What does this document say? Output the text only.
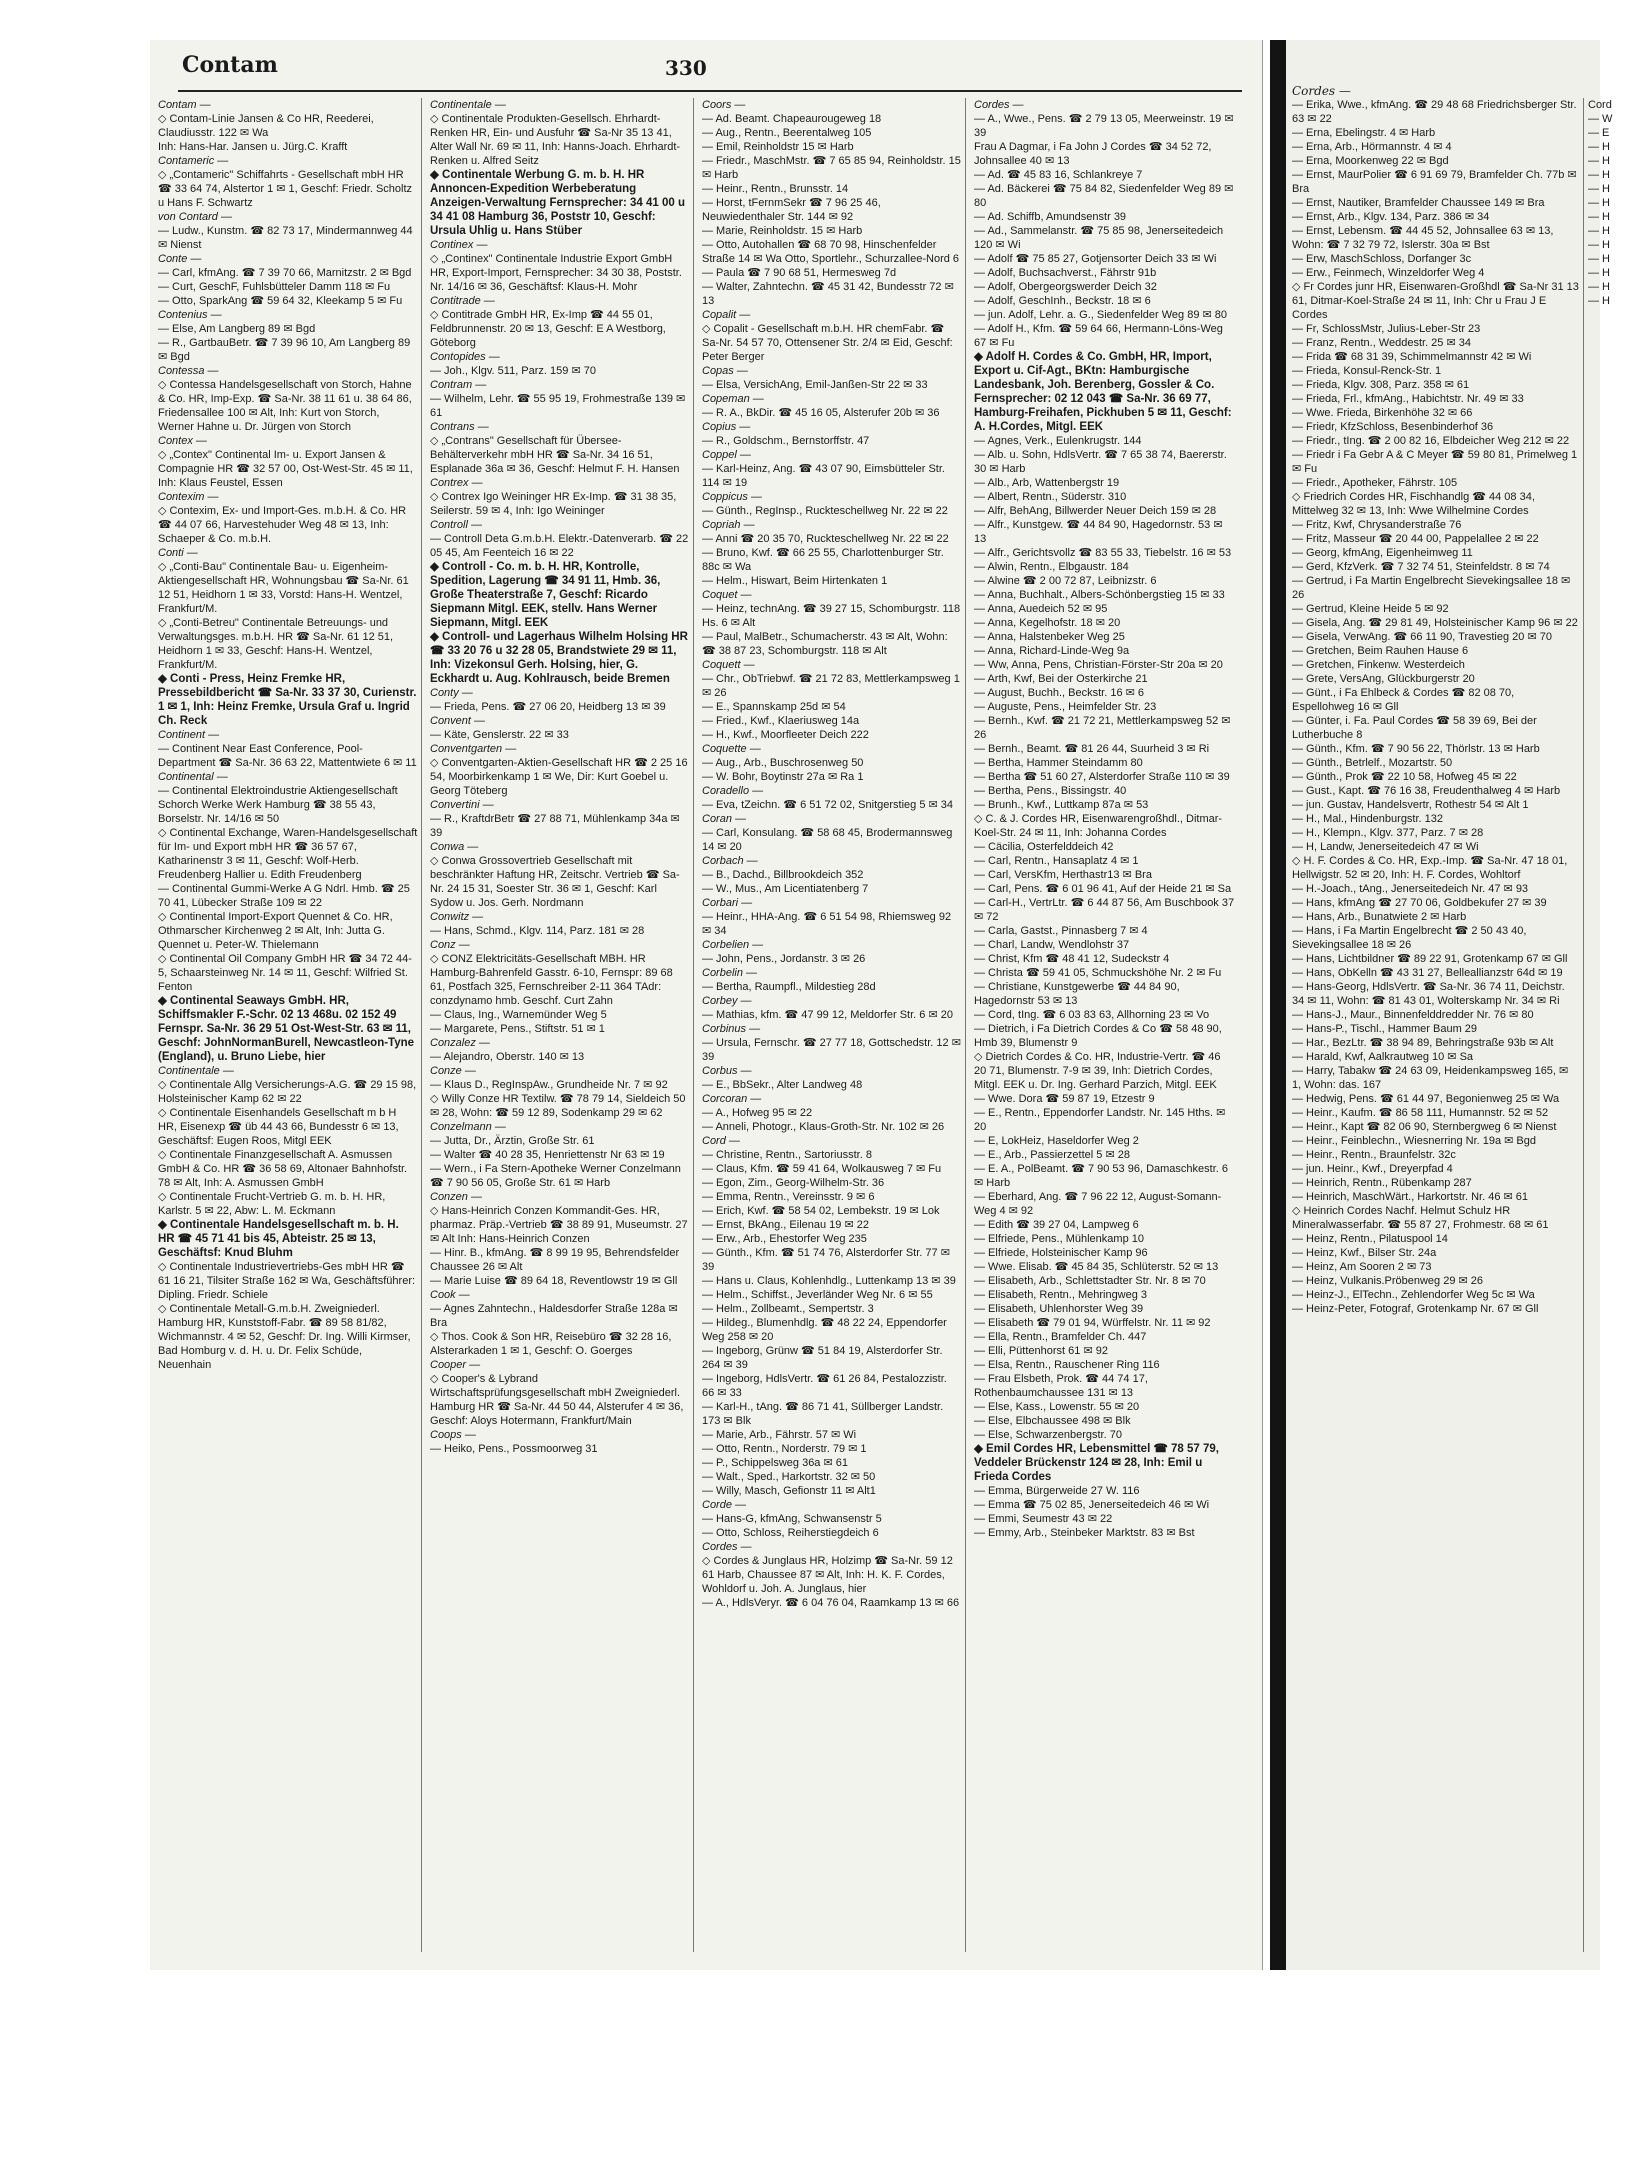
Contam	330

Contam —

◇ Contam-Linie Jansen & Co HR, Reederei, Claudiusstr. 122 ✉ Wa

Inh: Hans-Har. Jansen u. Jürg.C. Krafft

Contameric —

◇ „Contameric" Schiffahrts - Gesellschaft mbH HR ☎ 33 64 74, Alstertor 1 ✉ 1, Geschf: Friedr. Scholtz u Hans F. Schwartz

von Contard —

— Ludw., Kunstm. ☎ 82 73 17, Mindermannweg 44 ✉ Nienst

Conte —

— Carl, kfmAng. ☎ 7 39 70 66, Marnitzstr. 2 ✉ Bgd

— Curt, GeschF, Fuhlsbütteler Damm 118 ✉ Fu

— Otto, SparkAng ☎ 59 64 32, Kleekamp 5 ✉ Fu

Contenius —

— Else, Am Langberg 89 ✉ Bgd

— R., GartbauBetr. ☎ 7 39 96 10, Am Langberg 89 ✉ Bgd

Contessa —

◇ Contessa Handelsgesellschaft von Storch, Hahne & Co. HR, Imp-Exp. ☎ Sa-Nr. 38 11 61 u. 38 64 86, Friedensallee 100 ✉ Alt, Inh: Kurt von Storch, Werner Hahne u. Dr. Jürgen von Storch

Contex —

◇ „Contex" Continental Im- u. Export Jansen & Compagnie HR ☎ 32 57 00, Ost-West-Str. 45 ✉ 11, Inh: Klaus Feustel, Essen

Contexim —

◇ Contexim, Ex- und Import-Ges. m.b.H. & Co. HR ☎ 44 07 66, Harvestehuder Weg 48 ✉ 13, Inh: Schaeper & Co. m.b.H.

Conti —

◇ „Conti-Bau" Continentale Bau- u. Eigenheim-Aktiengesellschaft HR, Wohnungsbau ☎ Sa-Nr. 61 12 51, Heidhorn 1 ✉ 33, Vorstd: Hans-H. Wentzel, Frankfurt/M.

◇ „Conti-Betreu" Continentale Betreuungs- und Verwaltungsges. m.b.H. HR ☎ Sa-Nr. 61 12 51, Heidhorn 1 ✉ 33, Geschf: Hans-H. Wentzel, Frankfurt/M.

◆ Conti - Press, Heinz Fremke HR, Pressebildbericht ☎ Sa-Nr. 33 37 30, Curienstr. 1 ✉ 1, Inh: Heinz Fremke, Ursula Graf u. Ingrid Ch. Reck

Continent —

— Continent Near East Conference, Pool-Department ☎ Sa-Nr. 36 63 22, Mattentwiete 6 ✉ 11

Continental —

— Continental Elektroindustrie Aktiengesellschaft Schorch Werke Werk Hamburg ☎ 38 55 43, Borselstr. Nr. 14/16 ✉ 50

◇ Continental Exchange, Waren-Handelsgesellschaft für Im- und Export mbH HR ☎ 36 57 67, Katharinenstr 3 ✉ 11, Geschf: Wolf-Herb. Freudenberg Hallier u. Edith Freudenberg

— Continental Gummi-Werke A G Ndrl. Hmb. ☎ 25 70 41, Lübecker Straße 109 ✉ 22

◇ Continental Import-Export Quennet & Co. HR, Othmarscher Kirchenweg 2 ✉ Alt, Inh: Jutta G. Quennet u. Peter-W. Thielemann

◇ Continental Oil Company GmbH HR ☎ 34 72 44-5, Schaarsteinweg Nr. 14 ✉ 11, Geschf: Wilfried St. Fenton

◆ Continental Seaways GmbH. HR, Schiffsmakler F.-Schr. 02 13 468u. 02 152 49 Fernspr. Sa-Nr. 36 29 51 Ost-West-Str. 63 ✉ 11, Geschf: JohnNormanBurell, Newcastleon-Tyne (England), u. Bruno Liebe, hier

Continentale —

◇ Continentale Allg Versicherungs-A.G. ☎ 29 15 98, Holsteinischer Kamp 62 ✉ 22

◇ Continentale Eisenhandels Gesellschaft m b H HR, Eisenexp ☎ üb 44 43 66, Bundesstr 6 ✉ 13, Geschäftsf: Eugen Roos, Mitgl EEK

◇ Continentale Finanzgesellschaft A. Asmussen GmbH & Co. HR ☎ 36 58 69, Altonaer Bahnhofstr. 78 ✉ Alt, Inh: A. Asmussen GmbH

◇ Continentale Frucht-Vertrieb G. m. b. H. HR, Karlstr. 5 ✉ 22, Abw: L. M. Eckmann

◆ Continentale Handelsgesellschaft m. b. H. HR ☎ 45 71 41 bis 45, Abteistr. 25 ✉ 13, Geschäftsf: Knud Bluhm

◇ Continentale Industrievertriebs-Ges mbH HR ☎ 61 16 21, Tilsiter Straße 162 ✉ Wa, Geschäftsführer: Dipling. Friedr. Schiele

◇ Continentale Metall-G.m.b.H. Zweigniederl. Hamburg HR, Kunststoff-Fabr. ☎ 89 58 81/82, Wichmannstr. 4 ✉ 52, Geschf: Dr. Ing. Willi Kirmser, Bad Homburg v. d. H. u. Dr. Felix Schüde, Neuenhain

Continentale —

◇ Continentale Produkten-Gesellsch. Ehrhardt-Renken HR, Ein- und Ausfuhr ☎ Sa-Nr 35 13 41, Alter Wall Nr. 69 ✉ 11, Inh: Hanns-Joach. Ehrhardt-Renken u. Alfred Seitz

◆ Continentale Werbung G. m. b. H. HR Annoncen-Expedition Werbeberatung Anzeigen-Verwaltung Fernsprecher: 34 41 00 u 34 41 08 Hamburg 36, Poststr 10, Geschf: Ursula Uhlig u. Hans Stüber

Continex —

◇ „Continex" Continentale Industrie Export GmbH HR, Export-Import, Fernsprecher: 34 30 38, Poststr. Nr. 14/16 ✉ 36, Geschäftsf: Klaus-H. Mohr

Contitrade —

◇ Contitrade GmbH HR, Ex-Imp ☎ 44 55 01, Feldbrunnenstr. 20 ✉ 13, Geschf: E A Westborg, Göteborg

Contopides —

— Joh., Klgv. 511, Parz. 159 ✉ 70

Contram —

— Wilhelm, Lehr. ☎ 55 95 19, Frohmestraße 139 ✉ 61

Contrans —

◇ „Contrans" Gesellschaft für Übersee-Behälterverkehr mbH HR ☎ Sa-Nr. 34 16 51, Esplanade 36a ✉ 36, Geschf: Helmut F. H. Hansen

Contrex —

◇ Contrex Igo Weininger HR Ex-Imp. ☎ 31 38 35, Seilerstr. 59 ✉ 4, Inh: Igo Weininger

Controll —

— Controll Deta G.m.b.H. Elektr.-Datenverarb. ☎ 22 05 45, Am Feenteich 16 ✉ 22

◆ Controll - Co. m. b. H. HR, Kontrolle, Spedition, Lagerung ☎ 34 91 11, Hmb. 36, Große Theaterstraße 7, Geschf: Ricardo Siepmann Mitgl. EEK, stellv. Hans Werner Siepmann, Mitgl. EEK

◆ Controll- und Lagerhaus Wilhelm Holsing HR ☎ 33 20 76 u 32 28 05, Brandstwiete 29 ✉ 11, Inh: Vizekonsul Gerh. Holsing, hier, G. Eckhardt u. Aug. Kohlrausch, beide Bremen

Conty —

— Frieda, Pens. ☎ 27 06 20, Heidberg 13 ✉ 39

Convent —

— Käte, Genslerstr. 22 ✉ 33

Conventgarten —

◇ Conventgarten-Aktien-Gesellschaft HR ☎ 2 25 16 54, Moorbirkenkamp 1 ✉ We, Dir: Kurt Goebel u. Georg Töteberg

Convertini —

— R., KraftdrBetr ☎ 27 88 71, Mühlenkamp 34a ✉ 39

Conwa —

◇ Conwa Grossovertrieb Gesellschaft mit beschränkter Haftung HR, Zeitschr. Vertrieb ☎ Sa-Nr. 24 15 31, Soester Str. 36 ✉ 1, Geschf: Karl Sydow u. Jos. Gerh. Nordmann

Conwitz —

— Hans, Schmd., Klgv. 114, Parz. 181 ✉ 28

Conz —

◇ CONZ Elektricitäts-Gesellschaft MBH. HR Hamburg-Bahrenfeld Gasstr. 6-10, Fernspr: 89 68 61, Postfach 325, Fernschreiber 2-11 364 TAdr: conzdynamo hmb. Geschf. Curt Zahn

— Claus, Ing., Warnemünder Weg 5

— Margarete, Pens., Stiftstr. 51 ✉ 1

Conzalez —

— Alejandro, Oberstr. 140 ✉ 13

Conze —

— Klaus D., RegInspAw., Grundheide Nr. 7 ✉ 92

◇ Willy Conze HR Textilw. ☎ 78 79 14, Sieldeich 50 ✉ 28, Wohn: ☎ 59 12 89, Sodenkamp 29 ✉ 62

Conzelmann —

— Jutta, Dr., Ärztin, Große Str. 61

— Walter ☎ 40 28 35, Henriettenstr Nr 63 ✉ 19

— Wern., i Fa Stern-Apotheke Werner Conzelmann ☎ 7 90 56 05, Große Str. 61 ✉ Harb

Conzen —

◇ Hans-Heinrich Conzen Kommandit-Ges. HR, pharmaz. Präp.-Vertrieb ☎ 38 89 91, Museumstr. 27 ✉ Alt Inh: Hans-Heinrich Conzen

— Hinr. B., kfmAng. ☎ 8 99 19 95, Behrendsfelder Chaussee 26 ✉ Alt

— Marie Luise ☎ 89 64 18, Reventlowstr 19 ✉ Gll

Cook —

— Agnes Zahntechn., Haldesdorfer Straße 128a ✉ Bra

◇ Thos. Cook & Son HR, Reisebüro ☎ 32 28 16, Alsterarkaden 1 ✉ 1, Geschf: O. Goerges

Cooper —

◇ Cooper's & Lybrand Wirtschaftsprüfungsgesellschaft mbH Zweigniederl. Hamburg HR ☎ Sa-Nr. 44 50 44, Alsterufer 4 ✉ 36, Geschf: Aloys Hotermann, Frankfurt/Main

Coops —

— Heiko, Pens., Possmoorweg 31

Coors —

— Ad. Beamt. Chapeaurougeweg 18

— Aug., Rentn., Beerentalweg 105

— Emil, Reinholdstr 15 ✉ Harb

— Friedr., MaschMstr. ☎ 7 65 85 94, Reinholdstr. 15 ✉ Harb

— Heinr., Rentn., Brunsstr. 14

— Horst, tFernmSekr ☎ 7 96 25 46, Neuwiedenthaler Str. 144 ✉ 92

— Marie, Reinholdstr. 15 ✉ Harb

— Otto, Autohallen ☎ 68 70 98, Hinschenfelder Straße 14 ✉ Wa Otto, Sportlehr., Schurzallee-Nord 6

— Paula ☎ 7 90 68 51, Hermesweg 7d

— Walter, Zahntechn. ☎ 45 31 42, Bundesstr 72 ✉ 13

Copalit —

◇ Copalit - Gesellschaft m.b.H. HR chemFabr. ☎ Sa-Nr. 54 57 70, Ottensener Str. 2/4 ✉ Eid, Geschf: Peter Berger

Copas —

— Elsa, VersichAng, Emil-Janßen-Str 22 ✉ 33

Copeman —

— R. A., BkDir. ☎ 45 16 05, Alsterufer 20b ✉ 36

Copius —

— R., Goldschm., Bernstorffstr. 47

Coppel —

— Karl-Heinz, Ang. ☎ 43 07 90, Eimsbütteler Str. 114 ✉ 19

Coppicus —

— Günth., RegInsp., Ruckteschellweg Nr. 22 ✉ 22

Copriah —

— Anni ☎ 20 35 70, Ruckteschellweg Nr. 22 ✉ 22

— Bruno, Kwf. ☎ 66 25 55, Charlottenburger Str. 88c ✉ Wa

— Helm., Hiswart, Beim Hirtenkaten 1

Coquet —

— Heinz, technAng. ☎ 39 27 15, Schomburgstr. 118 Hs. 6 ✉ Alt

— Paul, MalBetr., Schumacherstr. 43 ✉ Alt, Wohn: ☎ 38 87 23, Schomburgstr. 118 ✉ Alt

Coquett —

— Chr., ObTriebwf. ☎ 21 72 83, Mettlerkampsweg 1 ✉ 26

— E., Spannskamp 25d ✉ 54

— Fried., Kwf., Klaeriusweg 14a

— H., Kwf., Moorfleeter Deich 222

Coquette —

— Aug., Arb., Buschrosenweg 50

— W. Bohr, Boytinstr 27a ✉ Ra 1

Coradello —

— Eva, tZeichn. ☎ 6 51 72 02, Snitgerstieg 5 ✉ 34

Coran —

— Carl, Konsulang. ☎ 58 68 45, Brodermannsweg 14 ✉ 20

Corbach —

— B., Dachd., Billbrookdeich 352

— W., Mus., Am Licentiatenberg 7

Corbari —

— Heinr., HHA-Ang. ☎ 6 51 54 98, Rhiemsweg 92 ✉ 34

Corbelien —

— John, Pens., Jordanstr. 3 ✉ 26

Corbelin —

— Bertha, Raumpfl., Mildestieg 28d

Corbey —

— Mathias, kfm. ☎ 47 99 12, Meldorfer Str. 6 ✉ 20

Corbinus —

— Ursula, Fernschr. ☎ 27 77 18, Gottschedstr. 12 ✉ 39

Corbus —

— E., BbSekr., Alter Landweg 48

Corcoran —

— A., Hofweg 95 ✉ 22

— Anneli, Photogr., Klaus-Groth-Str. Nr. 102 ✉ 26

Cord —

— Christine, Rentn., Sartoriusstr. 8

— Claus, Kfm. ☎ 59 41 64, Wolkausweg 7 ✉ Fu

— Egon, Zim., Georg-Wilhelm-Str. 36

— Emma, Rentn., Vereinsstr. 9 ✉ 6

— Erich, Kwf. ☎ 58 54 02, Lembekstr. 19 ✉ Lok

— Ernst, BkAng., Eilenau 19 ✉ 22

— Erw., Arb., Ehestorfer Weg 235

— Günth., Kfm. ☎ 51 74 76, Alsterdorfer Str. 77 ✉ 39

— Hans u. Claus, Kohlenhdlg., Luttenkamp 13 ✉ 39

— Helm., Schiffst., Jeverländer Weg Nr. 6 ✉ 55

— Helm., Zollbeamt., Sempertstr. 3

— Hildeg., Blumenhdlg. ☎ 48 22 24, Eppendorfer Weg 258 ✉ 20

— Ingeborg, Grünw ☎ 51 84 19, Alsterdorfer Str. 264 ✉ 39

— Ingeborg, HdlsVertr. ☎ 61 26 84, Pestalozzistr. 66 ✉ 33

— Karl-H., tAng. ☎ 86 71 41, Süllberger Landstr. 173 ✉ Blk

— Marie, Arb., Fährstr. 57 ✉ Wi

— Otto, Rentn., Norderstr. 79 ✉ 1

— P., Schippelsweg 36a ✉ 61

— Walt., Sped., Harkortstr. 32 ✉ 50

— Willy, Masch, Gefionstr 11 ✉ Alt1

Corde —

— Hans-G, kfmAng, Schwansenstr 5

— Otto, Schloss, Reiherstiegdeich 6

Cordes —

◇ Cordes & Junglaus HR, Holzimp ☎ Sa-Nr. 59 12 61 Harb, Chaussee 87 ✉ Alt, Inh: H. K. F. Cordes, Wohldorf u. Joh. A. Junglaus, hier

— A., HdlsVeryr. ☎ 6 04 76 04, Raamkamp 13 ✉ 66

Cordes —

— A., Wwe., Pens. ☎ 2 79 13 05, Meerweinstr. 19 ✉ 39

Frau A Dagmar, i Fa John J Cordes ☎ 34 52 72, Johnsallee 40 ✉ 13

— Ad. ☎ 45 83 16, Schlankreye 7

— Ad. Bäckerei ☎ 75 84 82, Siedenfelder Weg 89 ✉ 80

— Ad. Schiffb, Amundsenstr 39

— Ad., Sammelanstr. ☎ 75 85 98, Jenerseitedeich 120 ✉ Wi

— Adolf ☎ 75 85 27, Gotjensorter Deich 33 ✉ Wi

— Adolf, Buchsachverst., Fährstr 91b

— Adolf, Obergeorgswerder Deich 32

— Adolf, GeschInh., Beckstr. 18 ✉ 6

— jun. Adolf, Lehr. a. G., Siedenfelder Weg 89 ✉ 80

— Adolf H., Kfm. ☎ 59 64 66, Hermann-Löns-Weg 67 ✉ Fu

◆ Adolf H. Cordes & Co. GmbH, HR, Import, Export u. Cif-Agt., BKtn: Hamburgische Landesbank, Joh. Berenberg, Gossler & Co. Fernsprecher: 02 12 043 ☎ Sa-Nr. 36 69 77, Hamburg-Freihafen, Pickhuben 5 ✉ 11, Geschf: A. H.Cordes, Mitgl. EEK

— Agnes, Verk., Eulenkrugstr. 144

— Alb. u. Sohn, HdlsVertr. ☎ 7 65 38 74, Baererstr. 30 ✉ Harb

— Alb., Arb, Wattenbergstr 19

— Albert, Rentn., Süderstr. 310

— Alfr, BehAng, Billwerder Neuer Deich 159 ✉ 28

— Alfr., Kunstgew. ☎ 44 84 90, Hagedornstr. 53 ✉ 13

— Alfr., Gerichtsvollz ☎ 83 55 33, Tiebelstr. 16 ✉ 53

— Alwin, Rentn., Elbgaustr. 184

— Alwine ☎ 2 00 72 87, Leibnizstr. 6

— Anna, Buchhalt., Albers-Schönbergstieg 15 ✉ 33

— Anna, Auedeich 52 ✉ 95

— Anna, Kegelhofstr. 18 ✉ 20

— Anna, Halstenbeker Weg 25

— Anna, Richard-Linde-Weg 9a

— Ww, Anna, Pens, Christian-Förster-Str 20a ✉ 20

— Arth, Kwf, Bei der Osterkirche 21

— August, Buchh., Beckstr. 16 ✉ 6

— Auguste, Pens., Heimfelder Str. 23

— Bernh., Kwf. ☎ 21 72 21, Mettlerkampsweg 52 ✉ 26

— Bernh., Beamt. ☎ 81 26 44, Suurheid 3 ✉ Ri

— Bertha, Hammer Steindamm 80

— Bertha ☎ 51 60 27, Alsterdorfer Straße 110 ✉ 39

— Bertha, Pens., Bissingstr. 40

— Brunh., Kwf., Luttkamp 87a ✉ 53

◇ C. & J. Cordes HR, Eisenwarengroßhdl., Ditmar-Koel-Str. 24 ✉ 11, Inh: Johanna Cordes

— Cäcilia, Osterfelddeich 42

— Carl, Rentn., Hansaplatz 4 ✉ 1

— Carl, VersKfm, Herthastr13 ✉ Bra

— Carl, Pens. ☎ 6 01 96 41, Auf der Heide 21 ✉ Sa

— Carl-H., VertrLtr. ☎ 6 44 87 56, Am Buschbook 37 ✉ 72

— Carla, Gastst., Pinnasberg 7 ✉ 4

— Charl, Landw, Wendlohstr 37

— Christ, Kfm ☎ 48 41 12, Sudeckstr 4

— Christa ☎ 59 41 05, Schmuckshöhe Nr. 2 ✉ Fu

— Christiane, Kunstgewerbe ☎ 44 84 90, Hagedornstr 53 ✉ 13

— Cord, tIng. ☎ 6 03 83 63, Allhorning 23 ✉ Vo

— Dietrich, i Fa Dietrich Cordes & Co ☎ 58 48 90, Hmb 39, Blumenstr 9

◇ Dietrich Cordes & Co. HR, Industrie-Vertr. ☎ 46 20 71, Blumenstr. 7-9 ✉ 39, Inh: Dietrich Cordes, Mitgl. EEK u. Dr. Ing. Gerhard Parzich, Mitgl. EEK

— Wwe. Dora ☎ 59 87 19, Etzestr 9

— E., Rentn., Eppendorfer Landstr. Nr. 145 Hths. ✉ 20

— E, LokHeiz, Haseldorfer Weg 2

— E., Arb., Passierzettel 5 ✉ 28

— E. A., PolBeamt. ☎ 7 90 53 96, Damaschkestr. 6 ✉ Harb

— Eberhard, Ang. ☎ 7 96 22 12, August-Somann-Weg 4 ✉ 92

— Edith ☎ 39 27 04, Lampweg 6

— Elfriede, Pens., Mühlenkamp 10

— Elfriede, Holsteinischer Kamp 96

— Wwe. Elisab. ☎ 45 84 35, Schlüterstr. 52 ✉ 13

— Elisabeth, Arb., Schlettstadter Str. Nr. 8 ✉ 70

— Elisabeth, Rentn., Mehringweg 3

— Elisabeth, Uhlenhorster Weg 39

— Elisabeth ☎ 79 01 94, Würffelstr. Nr. 11 ✉ 92

— Ella, Rentn., Bramfelder Ch. 447

— Elli, Püttenhorst 61 ✉ 92

— Elsa, Rentn., Rauschener Ring 116

— Frau Elsbeth, Prok. ☎ 44 74 17, Rothenbaumchaussee 131 ✉ 13

— Else, Kass., Lowenstr. 55 ✉ 20

— Else, Elbchaussee 498 ✉ Blk

— Else, Schwarzenbergstr. 70

◆ Emil Cordes HR, Lebensmittel ☎ 78 57 79, Veddeler Brückenstr 124 ✉ 28, Inh: Emil u Frieda Cordes

— Emma, Bürgerweide 27 W. 116

— Emma ☎ 75 02 85, Jenerseitedeich 46 ✉ Wi

— Emmi, Seumestr 43 ✉ 22

— Emmy, Arb., Steinbeker Marktstr. 83 ✉ Bst

Cordes —

— Erika, Wwe., kfmAng. ☎ 29 48 68 Friedrichsberger Str. 63 ✉ 22

— Erna, Ebelingstr. 4 ✉ Harb

— Erna, Arb., Hörmannstr. 4 ✉ 4

— Erna, Moorkenweg 22 ✉ Bgd

— Ernst, MaurPolier ☎ 6 91 69 79, Bramfelder Ch. 77b ✉ Bra

— Ernst, Nautiker, Bramfelder Chaussee 149 ✉ Bra

— Ernst, Arb., Klgv. 134, Parz. 386 ✉ 34

— Ernst, Lebensm. ☎ 44 45 52, Johnsallee 63 ✉ 13, Wohn: ☎ 7 32 79 72, Islerstr. 30a ✉ Bst

— Erw, MaschSchloss, Dorfanger 3c

— Erw., Feinmech, Winzeldorfer Weg 4

◇ Fr Cordes junr HR, Eisenwaren-Großhdl ☎ Sa-Nr 31 13 61, Ditmar-Koel-Straße 24 ✉ 11, Inh: Chr u Frau J E Cordes

— Fr, SchlossMstr, Julius-Leber-Str 23

— Franz, Rentn., Weddestr. 25 ✉ 34

— Frida ☎ 68 31 39, Schimmelmannstr 42 ✉ Wi

— Frieda, Konsul-Renck-Str. 1

— Frieda, Klgv. 308, Parz. 358 ✉ 61

— Frieda, Frl., kfmAng., Habichtstr. Nr. 49 ✉ 33

— Wwe. Frieda, Birkenhöhe 32 ✉ 66

— Friedr, KfzSchloss, Besenbinderhof 36

— Friedr., tIng. ☎ 2 00 82 16, Elbdeicher Weg 212 ✉ 22

— Friedr i Fa Gebr A & C Meyer ☎ 59 80 81, Primelweg 1 ✉ Fu

— Friedr., Apotheker, Fährstr. 105

◇ Friedrich Cordes HR, Fischhandlg ☎ 44 08 34, Mittelweg 32 ✉ 13, Inh: Wwe Wilhelmine Cordes

— Fritz, Kwf, Chrysanderstraße 76

— Fritz, Masseur ☎ 20 44 00, Pappelallee 2 ✉ 22

— Georg, kfmAng, Eigenheimweg 11

— Gerd, KfzVerk. ☎ 7 32 74 51, Steinfeldstr. 8 ✉ 74

— Gertrud, i Fa Martin Engelbrecht Sievekingsallee 18 ✉ 26

— Gertrud, Kleine Heide 5 ✉ 92

— Gisela, Ang. ☎ 29 81 49, Holsteinischer Kamp 96 ✉ 22

— Gisela, VerwAng. ☎ 66 11 90, Travestieg 20 ✉ 70

— Gretchen, Beim Rauhen Hause 6

— Gretchen, Finkenw. Westerdeich

— Grete, VersAng, Glückburgerstr 20

— Günt., i Fa Ehlbeck & Cordes ☎ 82 08 70, Espellohweg 16 ✉ Gll

— Günter, i. Fa. Paul Cordes ☎ 58 39 69, Bei der Lutherbuche 8

— Günth., Kfm. ☎ 7 90 56 22, Thörlstr. 13 ✉ Harb

— Günth., Betrlelf., Mozartstr. 50

— Günth., Prok ☎ 22 10 58, Hofweg 45 ✉ 22

— Gust., Kapt. ☎ 76 16 38, Freudenthalweg 4 ✉ Harb

— jun. Gustav, Handelsvertr, Rothestr 54 ✉ Alt 1

— H., Mal., Hindenburgstr. 132

— H., Klempn., Klgv. 377, Parz. 7 ✉ 28

— H, Landw, Jenerseitedeich 47 ✉ Wi

◇ H. F. Cordes & Co. HR, Exp.-Imp. ☎ Sa-Nr. 47 18 01, Hellwigstr. 52 ✉ 20, Inh: H. F. Cordes, Wohltorf

— H.-Joach., tAng., Jenerseitedeich Nr. 47 ✉ 93

— Hans, kfmAng ☎ 27 70 06, Goldbekufer 27 ✉ 39

— Hans, Arb., Bunatwiete 2 ✉ Harb

— Hans, i Fa Martin Engelbrecht ☎ 2 50 43 40, Sievekingsallee 18 ✉ 26

— Hans, Lichtbildner ☎ 89 22 91, Grotenkamp 67 ✉ Gll

— Hans, ObKelln ☎ 43 31 27, Belleallianzstr 64d ✉ 19

— Hans-Georg, HdlsVertr. ☎ Sa-Nr. 36 74 11, Deichstr. 34 ✉ 11, Wohn: ☎ 81 43 01, Wolterskamp Nr. 34 ✉ Ri

— Hans-J., Maur., Binnenfelddredder Nr. 76 ✉ 80

— Hans-P., Tischl., Hammer Baum 29

— Har., BezLtr. ☎ 38 94 89, Behringstraße 93b ✉ Alt

— Harald, Kwf, Aalkrautweg 10 ✉ Sa

— Harry, Tabakw ☎ 24 63 09, Heidenkampsweg 165, ✉ 1, Wohn: das. 167

— Hedwig, Pens. ☎ 61 44 97, Begonienweg 25 ✉ Wa

— Heinr., Kaufm. ☎ 86 58 111, Humannstr. 52 ✉ 52

— Heinr., Kapt ☎ 82 06 90, Sternbergweg 6 ✉ Nienst

— Heinr., Feinblechn., Wiesnerring Nr. 19a ✉ Bgd

— Heinr., Rentn., Braunfelstr. 32c

— jun. Heinr., Kwf., Dreyerpfad 4

— Heinrich, Rentn., Rübenkamp 287

— Heinrich, MaschWärt., Harkortstr. Nr. 46 ✉ 61

◇ Heinrich Cordes Nachf. Helmut Schulz HR Mineralwasserfabr. ☎ 55 87 27, Frohmestr. 68 ✉ 61

— Heinz, Rentn., Pilatuspool 14

— Heinz, Kwf., Bilser Str. 24a

— Heinz, Am Sooren 2 ✉ 73

— Heinz, Vulkanis.Pröbenweg 29 ✉ 26

— Heinz-J., ElTechn., Zehlendorfer Weg 5c ✉ Wa

— Heinz-Peter, Fotograf, Grotenkamp Nr. 67 ✉ Gll

Cord

— W

— E

— H

— H

— H

— H

— H

— H

— H

— H

— H

— H

— H

— H
